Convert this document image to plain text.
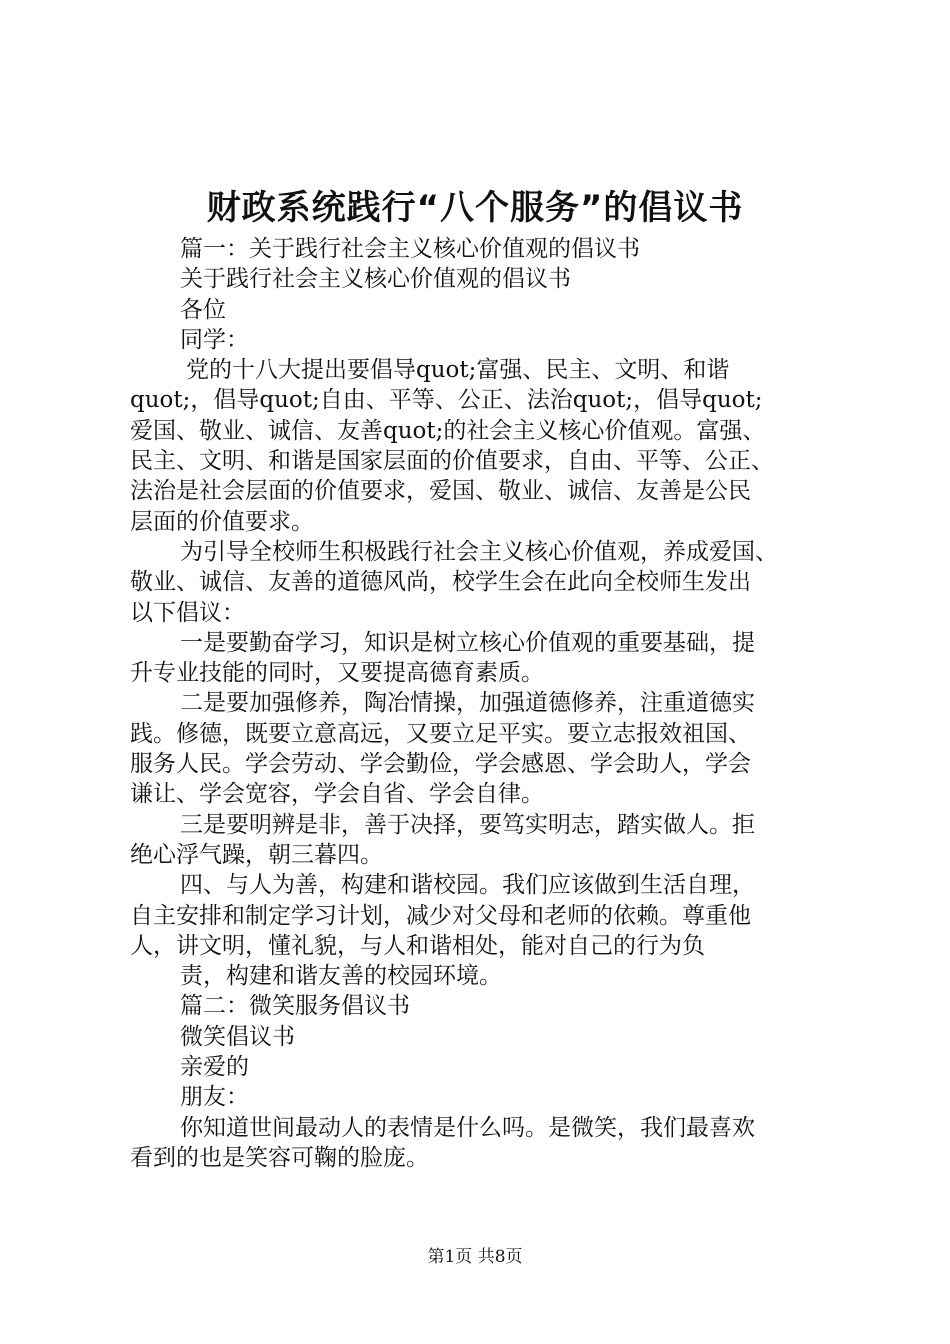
财政系统践行“八个服务”的倡议书

篇一：关于践行社会主义核心价值观的倡议书

关于践行社会主义核心价值观的倡议书

各位

同学：

党的十八大提出要倡导quot;富强、民主、文明、和谐

quot;，倡导quot;自由、平等、公正、法治quot;，倡导quot;

爱国、敬业、诚信、友善quot;的社会主义核心价值观。富强、

民主、文明、和谐是国家层面的价值要求，自由、平等、公正、

法治是社会层面的价值要求，爱国、敬业、诚信、友善是公民

层面的价值要求。

为引导全校师生积极践行社会主义核心价值观，养成爱国、

敬业、诚信、友善的道德风尚，校学生会在此向全校师生发出

以下倡议：

一是要勤奋学习，知识是树立核心价值观的重要基础，提

升专业技能的同时，又要提高德育素质。

二是要加强修养，陶冶情操，加强道德修养，注重道德实

践。修德，既要立意高远，又要立足平实。要立志报效祖国、

服务人民。学会劳动、学会勤俭，学会感恩、学会助人，学会

谦让、学会宽容，学会自省、学会自律。

三是要明辨是非，善于决择，要笃实明志，踏实做人。拒

绝心浮气躁，朝三暮四。

四、与人为善，构建和谐校园。我们应该做到生活自理，

自主安排和制定学习计划，减少对父母和老师的依赖。尊重他

人，讲文明，懂礼貌，与人和谐相处，能对自己的行为负

责，构建和谐友善的校园环境。

篇二：微笑服务倡议书

微笑倡议书

亲爱的

朋友：

你知道世间最动人的表情是什么吗。是微笑，我们最喜欢

看到的也是笑容可鞠的脸庞。

第1页 共8页
